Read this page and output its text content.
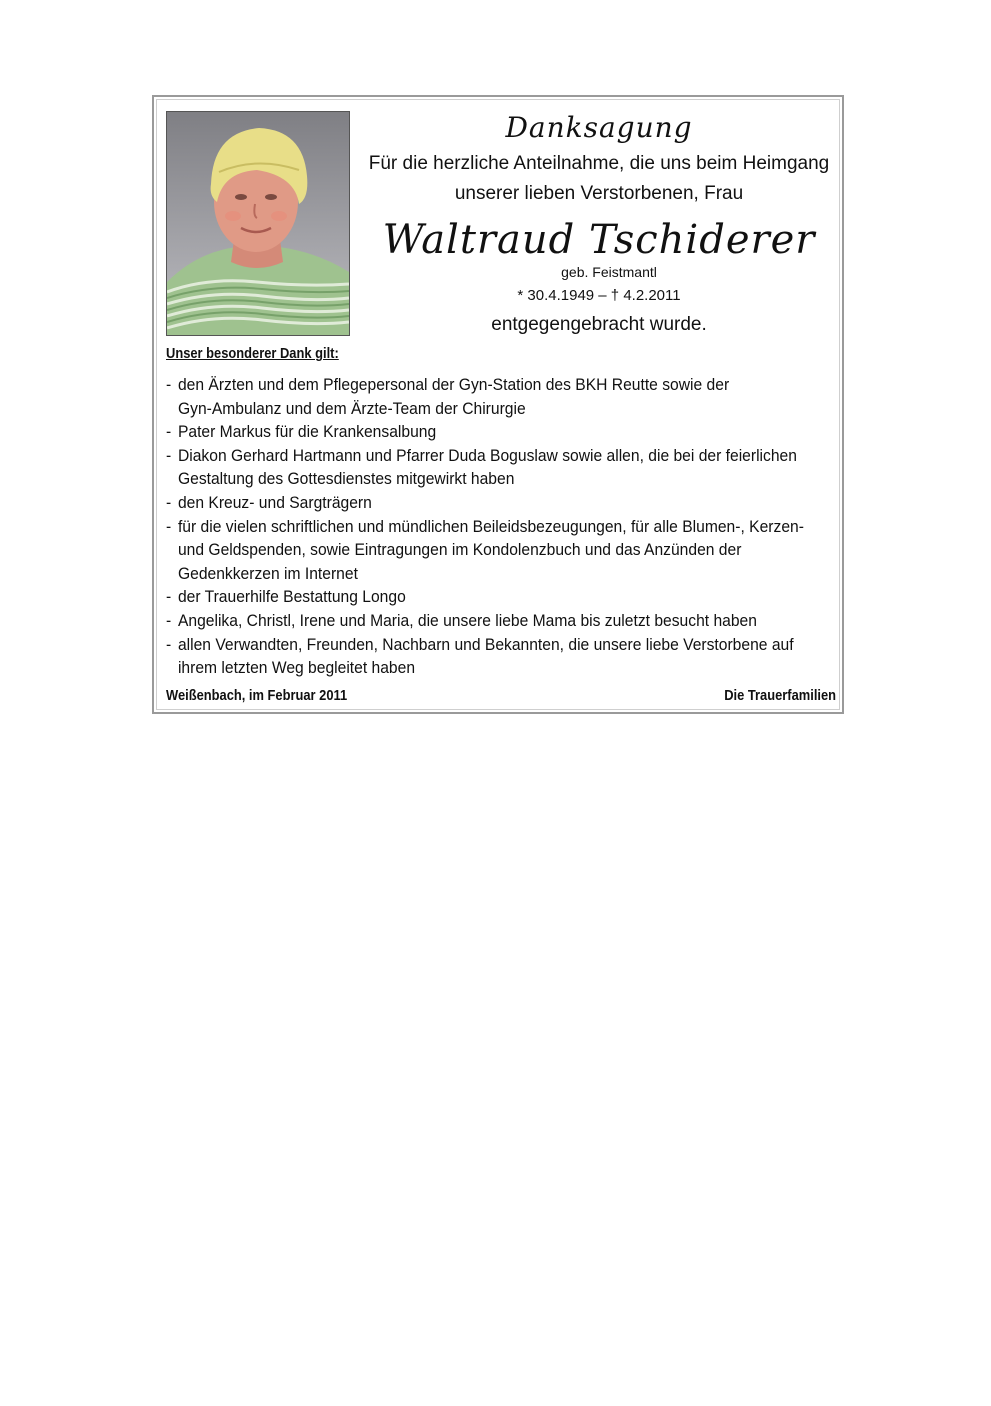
Danksagung

Für die herzliche Anteilnahme, die uns beim Heimgang

unserer lieben Verstorbenen, Frau

Waltraud Tschiderer

geb. Feistmantl

* 30.4.1949 – † 4.2.2011

entgegengebracht wurde.

Unser besonderer Dank gilt:
- den Ärzten und dem Pflegepersonal der Gyn-Station des BKH Reutte sowie der
Gyn-Ambulanz und dem Ärzte-Team der Chirurgie
- Pater Markus für die Krankensalbung
- Diakon Gerhard Hartmann und Pfarrer Duda Boguslaw sowie allen, die bei der feierlichen
Gestaltung des Gottesdienstes mitgewirkt haben
- den Kreuz- und Sargträgern
- für die vielen schriftlichen und mündlichen Beileidsbezeugungen, für alle Blumen-, Kerzen-
und Geldspenden, sowie Eintragungen im Kondolenzbuch und das Anzünden der
Gedenkkerzen im Internet
- der Trauerhilfe Bestattung Longo
- Angelika, Christl, Irene und Maria, die unsere liebe Mama bis zuletzt besucht haben
- allen Verwandten, Freunden, Nachbarn und Bekannten, die unsere liebe Verstorbene auf
ihrem letzten Weg begleitet haben
Weißenbach, im Februar 2011	Die Trauerfamilien
